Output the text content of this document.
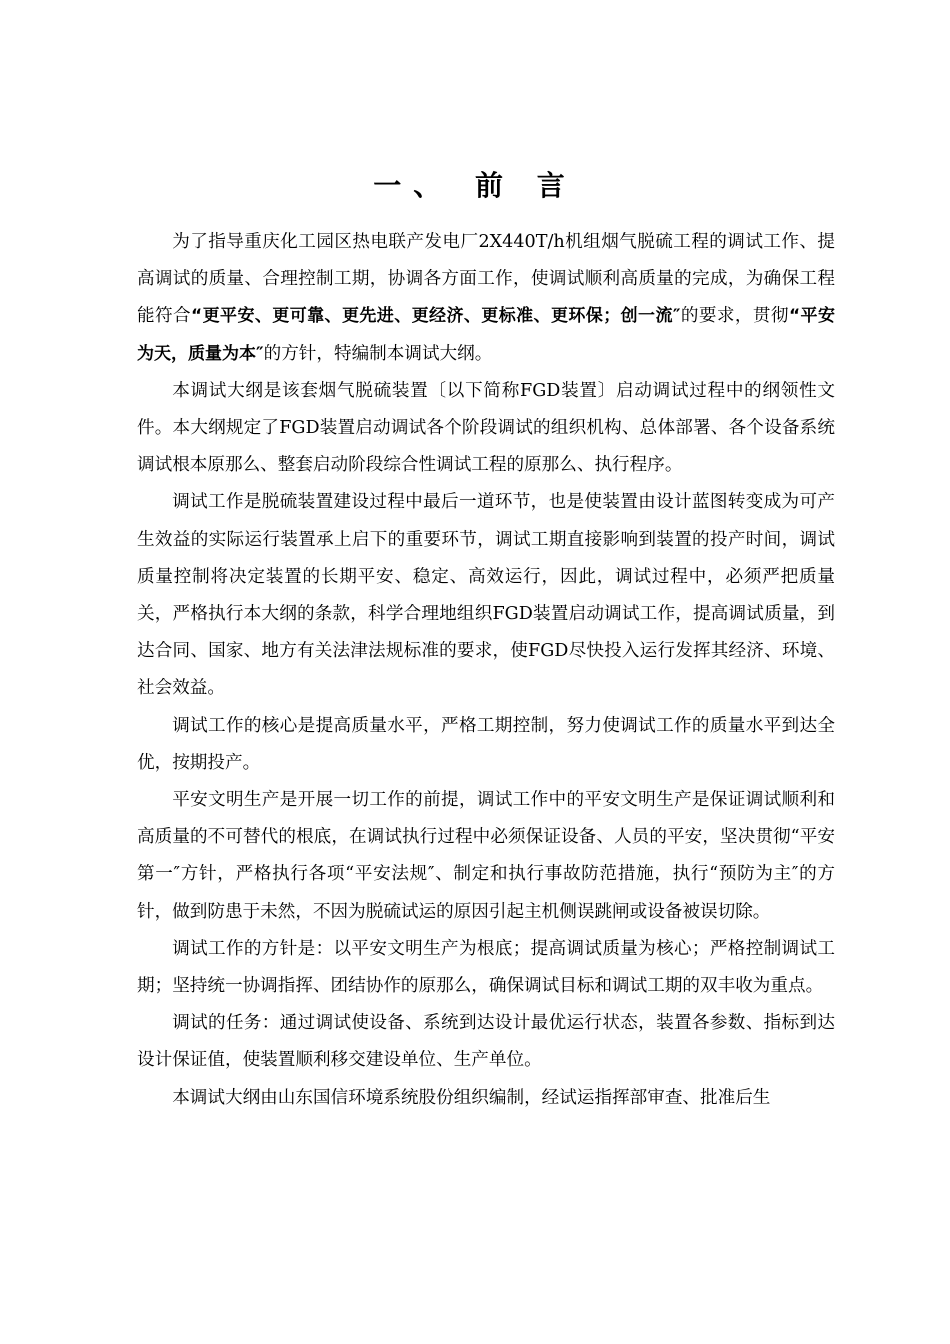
一、 前 言

为了指导重庆化工园区热电联产发电厂2X440T/h机组烟气脱硫工程的调试工作、提高调试的质量、合理控制工期，协调各方面工作，使调试顺利高质量的完成，为确保工程能符合“更平安、更可靠、更先进、更经济、更标准、更环保；创一流″的要求，贯彻“平安为天，质量为本″的方针，特编制本调试大纲。

本调试大纲是该套烟气脱硫装置〔以下简称FGD装置〕启动调试过程中的纲领性文件。本大纲规定了FGD装置启动调试各个阶段调试的组织机构、总体部署、各个设备系统调试根本原那么、整套启动阶段综合性调试工程的原那么、执行程序。

调试工作是脱硫装置建设过程中最后一道环节，也是使装置由设计蓝图转变成为可产生效益的实际运行装置承上启下的重要环节，调试工期直接影响到装置的投产时间，调试质量控制将决定装置的长期平安、稳定、高效运行，因此，调试过程中，必须严把质量关，严格执行本大纲的条款，科学合理地组织FGD装置启动调试工作，提高调试质量，到达合同、国家、地方有关法津法规标准的要求，使FGD尽快投入运行发挥其经济、环境、社会效益。

调试工作的核心是提高质量水平，严格工期控制，努力使调试工作的质量水平到达全优，按期投产。

平安文明生产是开展一切工作的前提，调试工作中的平安文明生产是保证调试顺利和高质量的不可替代的根底，在调试执行过程中必须保证设备、人员的平安，坚决贯彻“平安第一″方针，严格执行各项“平安法规″、制定和执行事故防范措施，执行“预防为主″的方针，做到防患于未然，不因为脱硫试运的原因引起主机侧误跳闸或设备被误切除。

调试工作的方针是：以平安文明生产为根底；提高调试质量为核心；严格控制调试工期；坚持统一协调指挥、团结协作的原那么，确保调试目标和调试工期的双丰收为重点。

调试的任务：通过调试使设备、系统到达设计最优运行状态，装置各参数、指标到达设计保证值，使装置顺利移交建设单位、生产单位。

本调试大纲由山东国信环境系统股份组织编制，经试运指挥部审查、批准后生
